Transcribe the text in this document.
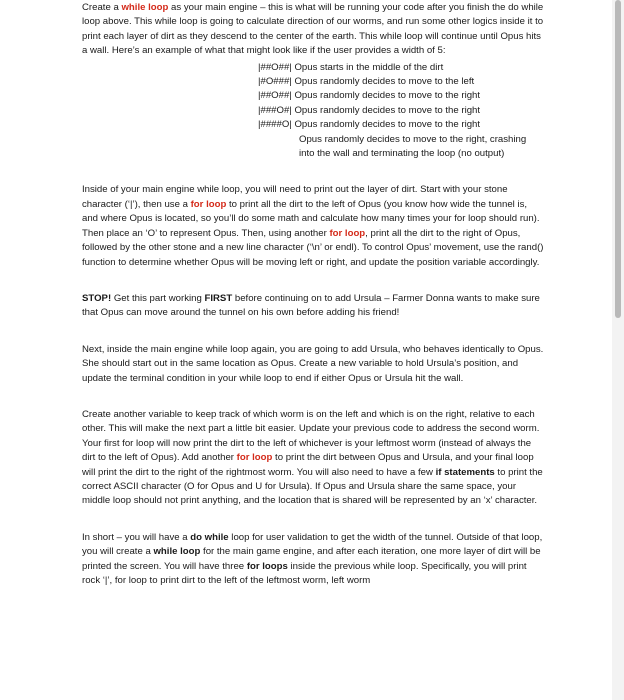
Create a while loop as your main engine – this is what will be running your code after you finish the do while loop above. This while loop is going to calculate direction of our worms, and run some other logics inside it to print each layer of dirt as they descend to the center of the earth. This while loop will continue until Opus hits a wall. Here’s an example of what that might look like if the user provides a width of 5:

|##O##| Opus starts in the middle of the dirt
|#O###| Opus randomly decides to move to the left
|##O##| Opus randomly decides to move to the right
|###O#| Opus randomly decides to move to the right
|####O| Opus randomly decides to move to the right
Opus randomly decides to move to the right, crashing
into the wall and terminating the loop (no output)

Inside of your main engine while loop, you will need to print out the layer of dirt. Start with your stone character (‘|’), then use a for loop to print all the dirt to the left of Opus (you know how wide the tunnel is, and where Opus is located, so you’ll do some math and calculate how many times your for loop should run). Then place an ‘O’ to represent Opus. Then, using another for loop, print all the dirt to the right of Opus, followed by the other stone and a new line character (‘\n’ or endl). To control Opus’ movement, use the rand() function to determine whether Opus will be moving left or right, and update the position variable accordingly.

STOP! Get this part working FIRST before continuing on to add Ursula – Farmer Donna wants to make sure that Opus can move around the tunnel on his own before adding his friend!

Next, inside the main engine while loop again, you are going to add Ursula, who behaves identically to Opus. She should start out in the same location as Opus. Create a new variable to hold Ursula’s position, and update the terminal condition in your while loop to end if either Opus or Ursula hit the wall.

Create another variable to keep track of which worm is on the left and which is on the right, relative to each other. This will make the next part a little bit easier. Update your previous code to address the second worm. Your first for loop will now print the dirt to the left of whichever is your leftmost worm (instead of always the dirt to the left of Opus). Add another for loop to print the dirt between Opus and Ursula, and your final loop will print the dirt to the right of the rightmost worm. You will also need to have a few if statements to print the correct ASCII character (O for Opus and U for Ursula). If Opus and Ursula share the same space, your middle loop should not print anything, and the location that is shared will be represented by an ‘x’ character.

In short – you will have a do while loop for user validation to get the width of the tunnel. Outside of that loop, you will create a while loop for the main game engine, and after each iteration, one more layer of dirt will be printed the screen. You will have three for loops inside the previous while loop. Specifically, you will print rock ‘|’, for loop to print dirt to the left of the leftmost worm, left worm
